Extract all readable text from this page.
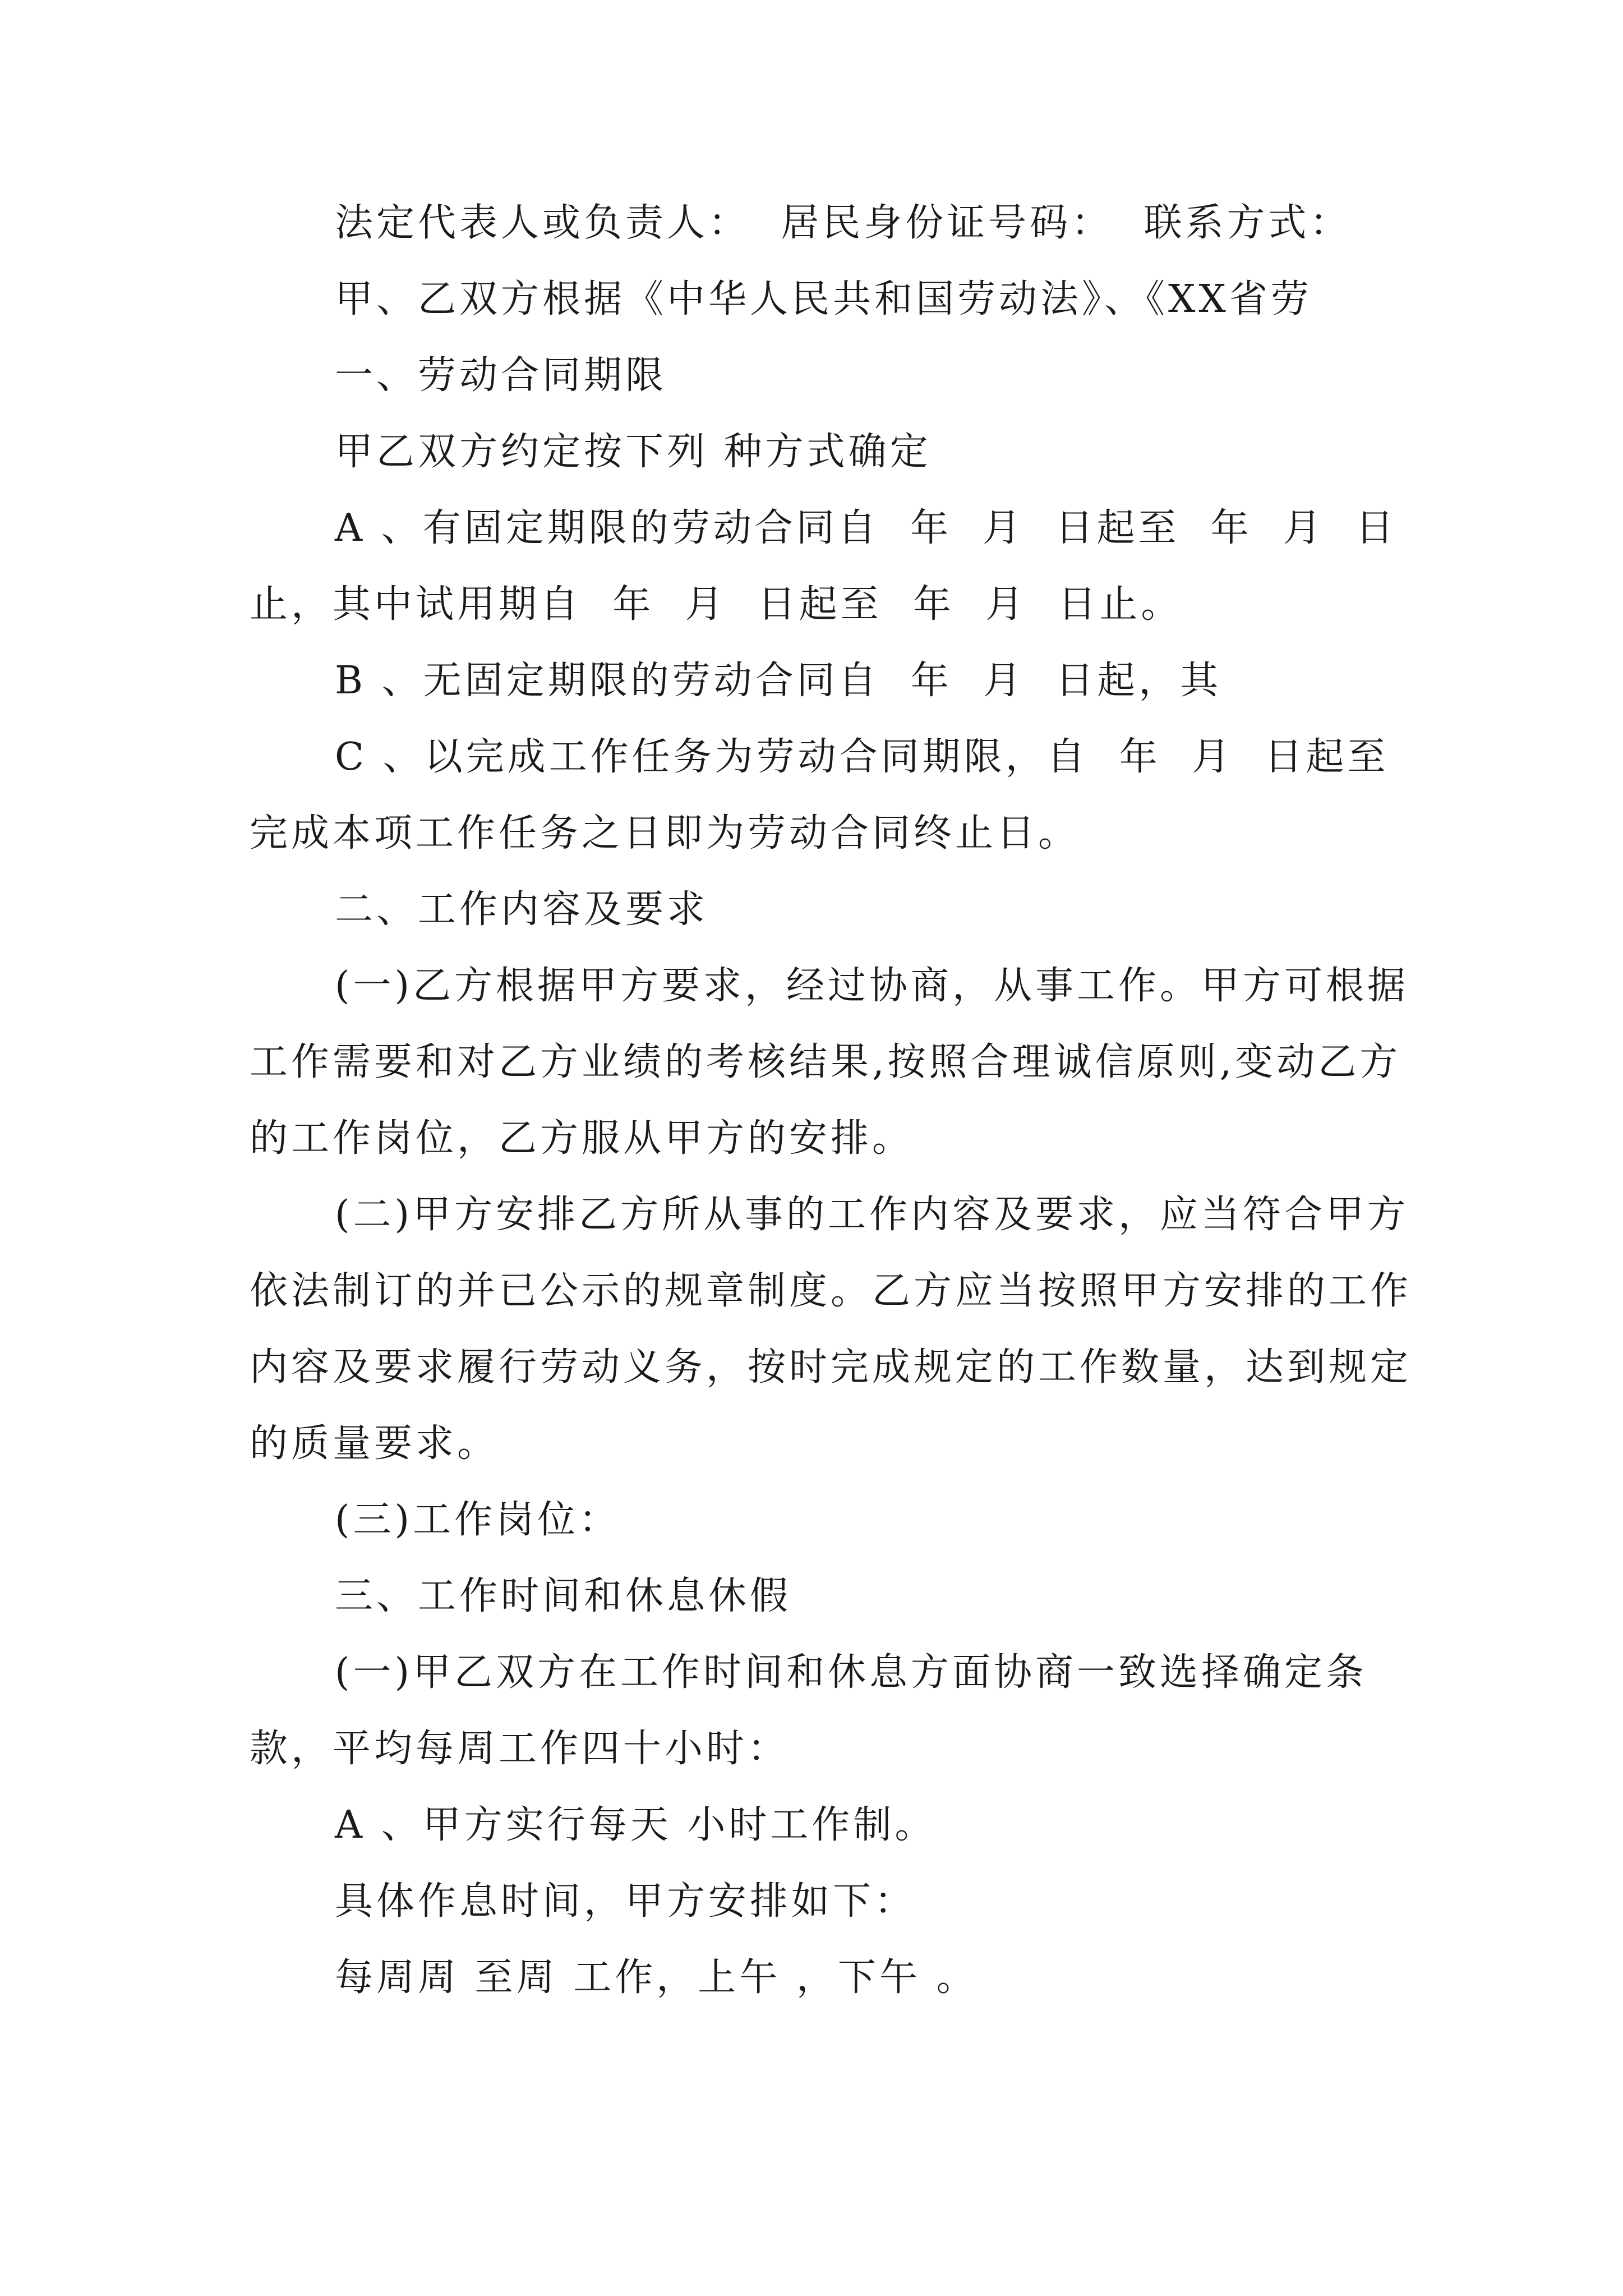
法定代表人或负责人：  居民身份证号码：  联系方式：

甲、乙双方根据《中华人民共和国劳动法》、《XX省劳

一、劳动合同期限

甲乙双方约定按下列 种方式确定

A 、有固定期限的劳动合同自  年  月  日起至  年  月  日止，其中试用期自  年  月  日起至  年  月  日止。

B 、无固定期限的劳动合同自  年  月  日起，其

C 、以完成工作任务为劳动合同期限，自  年  月  日起至完成本项工作任务之日即为劳动合同终止日。

二、工作内容及要求

(一)乙方根据甲方要求，经过协商，从事工作。甲方可根据工作需要和对乙方业绩的考核结果,按照合理诚信原则,变动乙方的工作岗位，乙方服从甲方的安排。

(二)甲方安排乙方所从事的工作内容及要求，应当符合甲方依法制订的并已公示的规章制度。乙方应当按照甲方安排的工作内容及要求履行劳动义务，按时完成规定的工作数量，达到规定的质量要求。

(三)工作岗位：

三、工作时间和休息休假

(一)甲乙双方在工作时间和休息方面协商一致选择确定条款，平均每周工作四十小时：

A 、甲方实行每天 小时工作制。

具体作息时间，甲方安排如下：

每周周 至周 工作，上午 ，下午 。
